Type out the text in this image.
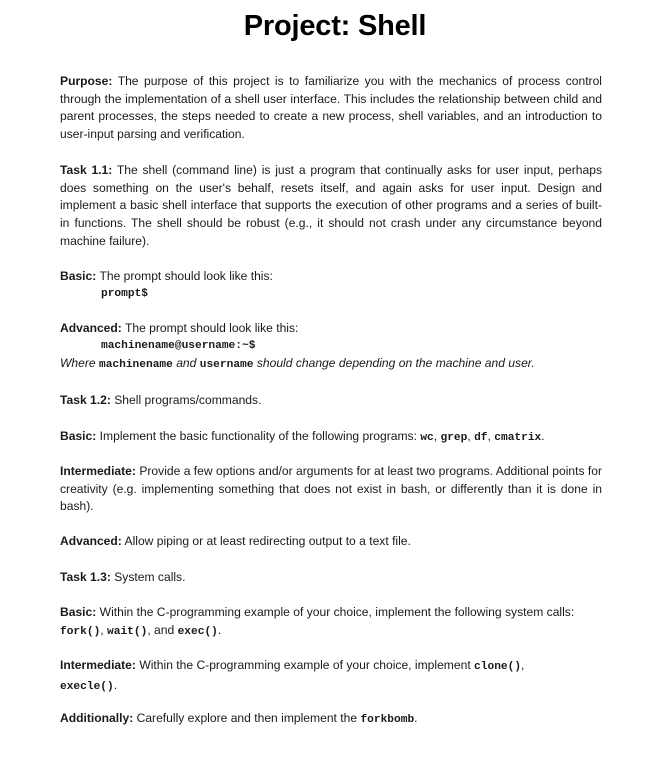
Project: Shell

Purpose: The purpose of this project is to familiarize you with the mechanics of process control through the implementation of a shell user interface. This includes the relationship between child and parent processes, the steps needed to create a new process, shell variables, and an introduction to user-input parsing and verification.

Task 1.1: The shell (command line) is just a program that continually asks for user input, perhaps does something on the user's behalf, resets itself, and again asks for user input. Design and implement a basic shell interface that supports the execution of other programs and a series of built-in functions. The shell should be robust (e.g., it should not crash under any circumstance beyond machine failure).

Basic: The prompt should look like this:
prompt$

Advanced: The prompt should look like this:
machinename@username:~$
Where machinename and username should change depending on the machine and user.

Task 1.2: Shell programs/commands.

Basic: Implement the basic functionality of the following programs: wc, grep, df, cmatrix.

Intermediate: Provide a few options and/or arguments for at least two programs. Additional points for creativity (e.g. implementing something that does not exist in bash, or differently than it is done in bash).

Advanced: Allow piping or at least redirecting output to a text file.

Task 1.3: System calls.

Basic: Within the C-programming example of your choice, implement the following system calls:
fork(), wait(), and exec().

Intermediate: Within the C-programming example of your choice, implement clone(),
execle().

Additionally: Carefully explore and then implement the forkbomb.
